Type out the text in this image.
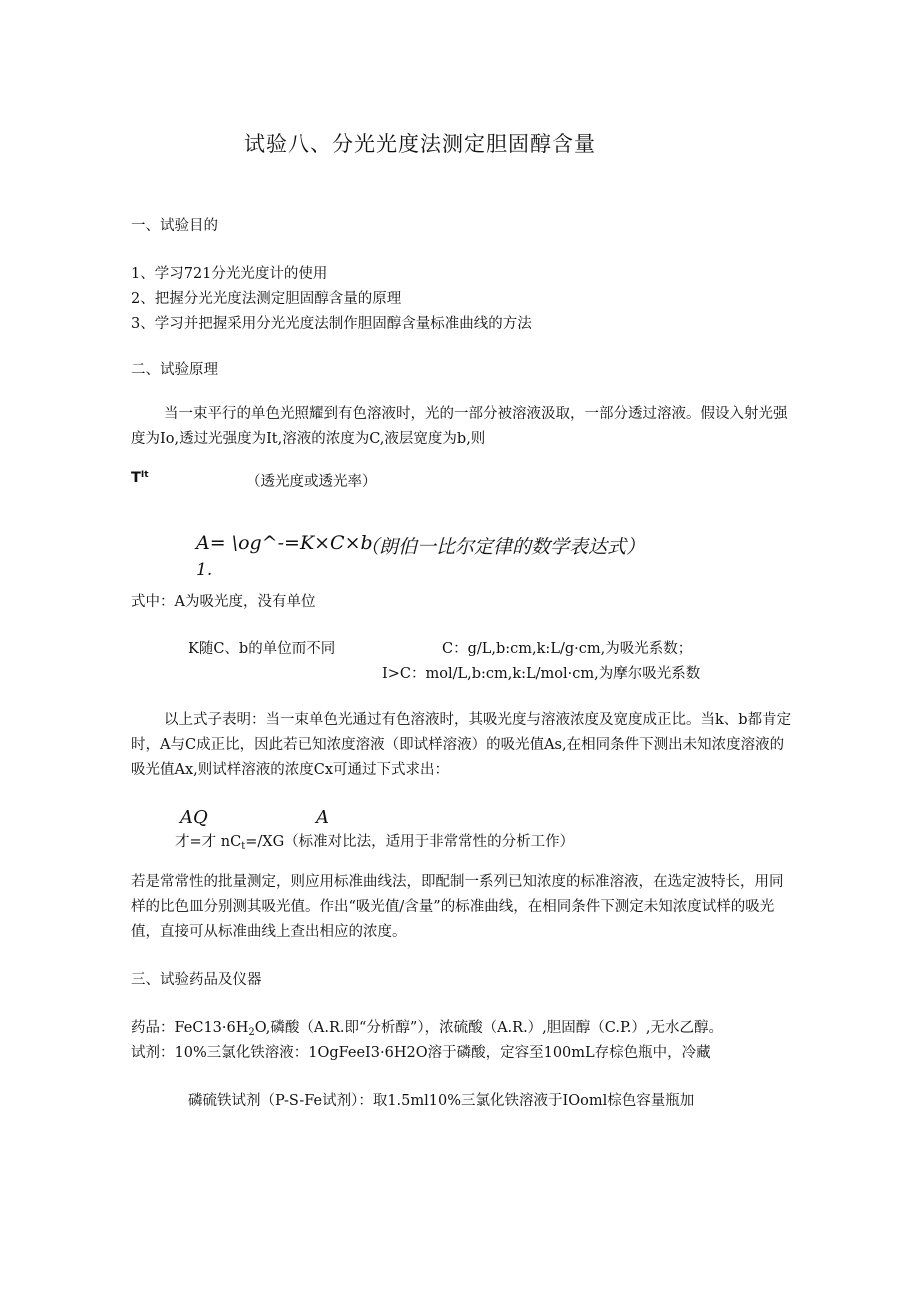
试验八、分光光度法测定胆固醇含量
一、试验目的
1、学习721分光光度计的使用
2、把握分光光度法测定胆固醇含量的原理
3、学习并把握采用分光光度法制作胆固醇含量标准曲线的方法
二、试验原理
当一束平行的单色光照耀到有色溶液时，光的一部分被溶液汲取，一部分透过溶液。假设入射光强度为Io,透过光强度为It,溶液的浓度为C,液层宽度为b,则
$T^{It}$	（透光度或透光率）
A= \og^-=K×C×b
（朗伯一比尔定律的数学表达式）
1.
式中：A为吸光度，没有单位
K随C、b的单位而不同	C：g/L,b:cm,k:L/g·cm,为吸光系数；
I>C：mol/L,b:cm,k:L/mol·cm,为摩尔吸光系数
以上式子表明：当一束单色光通过有色溶液时，其吸光度与溶液浓度及宽度成正比。当k、b都肯定时，A与C成正比，因此若已知浓度溶液（即试样溶液）的吸光值As,在相同条件下测出未知浓度溶液的吸光值Ax,则试样溶液的浓度Cx可通过下式求出：
AQ	A
才=才 $nC_t=/XG$（标准对比法，适用于非常常性的分析工作）
若是常常性的批量测定，则应用标准曲线法，即配制一系列已知浓度的标准溶液，在选定波特长，用同样的比色皿分别测其吸光值。作出“吸光值/含量”的标准曲线，在相同条件下测定未知浓度试样的吸光值，直接可从标准曲线上查出相应的浓度。
三、试验药品及仪器
药品：$FeC13\cdot 6H_2O$,磷酸（A.R.即“分析醇”），浓硫酸（A.R.）,胆固醇（C.P.）,无水乙醇。
试剂：10%三氯化铁溶液：1OgFeeI3·6H2O溶于磷酸，定容至100mL存棕色瓶中，冷藏
磷硫铁试剂（P-S-Fe试剂）：取1.5ml10%三氯化铁溶液于IOoml棕色容量瓶加
